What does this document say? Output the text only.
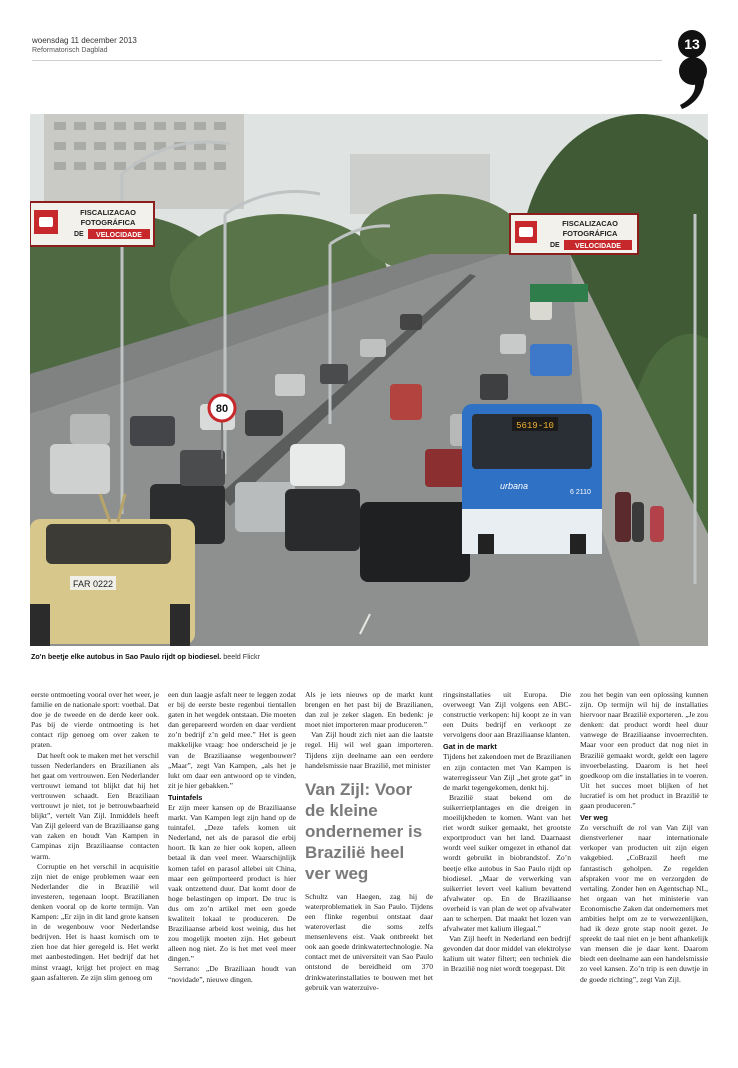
woensdag 11 december 2013
Reformatorisch Dagblad	13
FAR 0222
5619-10
urbana
6 2110
FISCALIZACAO
FOTOGRÁFICA
DE VELOCIDADE
FISCALIZACAO
FOTOGRÁFICA
DE VELOCIDADE
80
Zo'n beetje elke autobus in Sao Paulo rijdt op biodiesel. beeld Flickr

eerste ontmoeting vooral over het weer, je familie en de nationale sport: voetbal. Dat doe je de tweede en de derde keer ook. Pas bij de vierde ontmoeting is het contact rijp genoeg om over zaken te praten.

Dat heeft ook te maken met het verschil tussen Nederlanders en Brazilianen als het gaat om vertrouwen. Een Nederlander vertrouwt iemand tot blijkt dat hij het vertrouwen schaadt. Een Braziliaan vertrouwt je niet, tot je betrouwbaarheid blijkt”, vertelt Van Zijl. Inmiddels heeft Van Zijl geleerd van de Braziliaanse gang van zaken en houdt Van Kampen in Campinas zijn Braziliaanse contacten warm.

Corruptie en het verschil in acquisitie zijn niet de enige problemen waar een Nederlander die in Brazilië wil investeren, tegenaan loopt. Brazilianen denken vooral op de korte termijn. Van Kampen: „Er zijn in dit land grote kansen in de wegenbouw voor Nederlandse bedrijven. Het is haast komisch om te zien hoe dat hier geregeld is. Het werkt met aanbestedingen. Het bedrijf dat het minst vraagt, krijgt het project en mag gaan asfalteren. Ze zijn slim genoeg om

een dun laagje asfalt neer te leggen zodat er bij de eerste beste regenbui tientallen gaten in het wegdek ontstaan. Die moeten dan gerepareerd worden en daar verdient zo’n bedrijf z’n geld mee.” Het is geen makkelijke vraag: hoe onderscheid je je van de Braziliaanse wegenbouwer? „Maar”, zegt Van Kampen, „als het je lukt om daar een antwoord op te vinden, zit je hier gebakken.”

Tuintafels

Er zijn meer kansen op de Braziliaanse markt. Van Kampen legt zijn hand op de tuintafel. „Deze tafels komen uit Nederland, net als de parasol die erbij hoort. Ik kan ze hier ook kopen, alleen betaal ik dan veel meer. Waarschijnlijk komen tafel en parasol allebei uit China, maar een geïmporteerd product is hier vaak ontzettend duur. Dat komt door de hoge belastingen op import. De truc is dus om zo’n artikel met een goede kwaliteit lokaal te produceren. De Braziliaanse arbeid kost weinig, dus het zou mogelijk moeten zijn. Het gebeurt alleen nog niet. Zo is het met veel meer dingen.”

Serrano: „De Braziliaan houdt van “novidade”, nieuwe dingen.

Als je iets nieuws op de markt kunt brengen en het past bij de Brazilianen, dan zul je zeker slagen. En bedenk: je moet niet importeren maar produceren.”

Van Zijl houdt zich niet aan die laatste regel. Hij wil wel gaan importeren. Tijdens zijn deelname aan een eerdere handelsmissie naar Brazilië, met minister

Van Zijl: Voor de kleine ondernemer is Brazilië heel ver weg

Schultz van Haegen, zag hij de waterproblematiek in Sao Paulo. Tijdens een flinke regenbui ontstaat daar wateroverlast die soms zelfs mensenlevens eist. Vaak ontbreekt het ook aan goede drinkwatertechnologie. Na contact met de universiteit van Sao Paulo ontstond de bereidheid om 370 drinkwaterinstallaties te bouwen met het gebruik van waterzuive-

ringsinstallaties uit Europa. Die overweegt Van Zijl volgens een ABC-constructie verkopen: hij koopt ze in van een Duits bedrijf en verkoopt ze vervolgens door aan Braziliaanse klanten.

Gat in de markt

Tijdens het zakendoen met de Brazilianen en zijn contacten met Van Kampen is waterregisseur Van Zijl „het grote gat” in de markt tegengekomen, denkt hij.

Brazilië staat bekend om de suikerrietplantages en die dreigen in moeilijkheden te komen. Want van het riet wordt suiker gemaakt, het grootste exportproduct van het land. Daarnaast wordt veel suiker omgezet in ethanol dat wordt gebruikt in biobrandstof. Zo’n beetje elke autobus in Sao Paulo rijdt op biodiesel. „Maar de verwerking van suikerriet levert veel kalium bevattend afvalwater op. En de Braziliaanse overheid is van plan de wet op afvalwater aan te scherpen. Dat maakt het lozen van afvalwater met kalium illegaal.”

Van Zijl heeft in Nederland een bedrijf gevonden dat door middel van elektrolyse kalium uit water filtert; een techniek die in Brazilië nog niet wordt toegepast. Dit

zou het begin van een oplossing kunnen zijn. Op termijn wil hij de installaties hiervoor naar Brazilië exporteren. „Je zou denken: dat product wordt heel duur vanwege de Braziliaanse invoerrechten. Maar voor een product dat nog niet in Brazilië gemaakt wordt, geldt een lagere invoerbelasting. Daarom is het heel goedkoop om die installaties in te voeren. Uit het succes moet blijken of het lucratief is om het product in Brazilië te gaan produceren.”

Ver weg

Zo verschuift de rol van Van Zijl van dienstverlener naar internationale verkoper van producten uit zijn eigen vakgebied. „CoBrazil heeft me fantastisch geholpen. Ze regelden afspraken voor me en verzorgden de vertaling. Zonder hen en Agentschap NL, het orgaan van het ministerie van Economische Zaken dat ondernemers met ambities helpt om ze te verwezenlijken, had ik deze grote stap nooit gezet. Je spreekt de taal niet en je bent afhankelijk van mensen die je daar kent. Daarom biedt een deelname aan een handelsmissie zo veel kansen. Zo’n trip is een duwtje in de goede richting”, zegt Van Zijl.
